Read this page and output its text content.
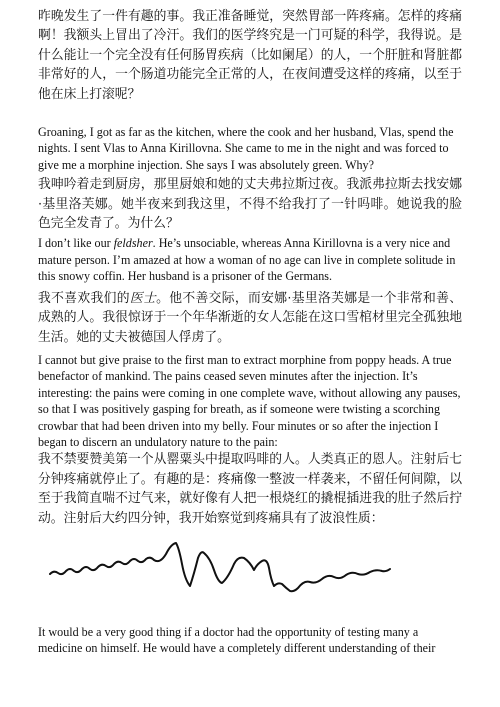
昨晚发生了一件有趣的事。我正准备睡觉，突然胃部一阵疼痛。怎样的疼痛啊！我额头上冒出了冷汗。我们的医学终究是一门可疑的科学，我得说。是什么能让一个完全没有任何肠胃疾病（比如阑尾）的人，一个肝脏和肾脏都非常好的人，一个肠道功能完全正常的人，在夜间遭受这样的疼痛，以至于他在床上打滚呢？

Groaning, I got as far as the kitchen, where the cook and her husband, Vlas, spend the nights. I sent Vlas to Anna Kirillovna. She came to me in the night and was forced to give me a morphine injection. She says I was absolutely green. Why?

我呻吟着走到厨房，那里厨娘和她的丈夫弗拉斯过夜。我派弗拉斯去找安娜·基里洛芙娜。她半夜来到我这里，不得不给我打了一针吗啡。她说我的脸色完全发青了。为什么？

I don’t like our feldsher. He’s unsociable, whereas Anna Kirillovna is a very nice and mature person. I’m amazed at how a woman of no age can live in complete solitude in this snowy coffin. Her husband is a prisoner of the Germans.

我不喜欢我们的医士。他不善交际，而安娜·基里洛芙娜是一个非常和善、成熟的人。我很惊讶于一个年华渐逝的女人怎能在这口雪棺材里完全孤独地生活。她的丈夫被德国人俘虏了。

I cannot but give praise to the first man to extract morphine from poppy heads. A true benefactor of mankind. The pains ceased seven minutes after the injection. It’s interesting: the pains were coming in one complete wave, without allowing any pauses, so that I was positively gasping for breath, as if someone were twisting a scorching crowbar that had been driven into my belly. Four minutes or so after the injection I began to discern an undulatory nature to the pain:

我不禁要赞美第一个从罂粟头中提取吗啡的人。人类真正的恩人。注射后七分钟疼痛就停止了。有趣的是：疼痛像一整波一样袭来，不留任何间隙，以至于我简直喘不过气来，就好像有人把一根烧红的撬棍插进我的肚子然后拧动。注射后大约四分钟，我开始察觉到疼痛具有了波浪性质：

It would be a very good thing if a doctor had the opportunity of testing many a medicine on himself. He would have a completely different understanding of their
